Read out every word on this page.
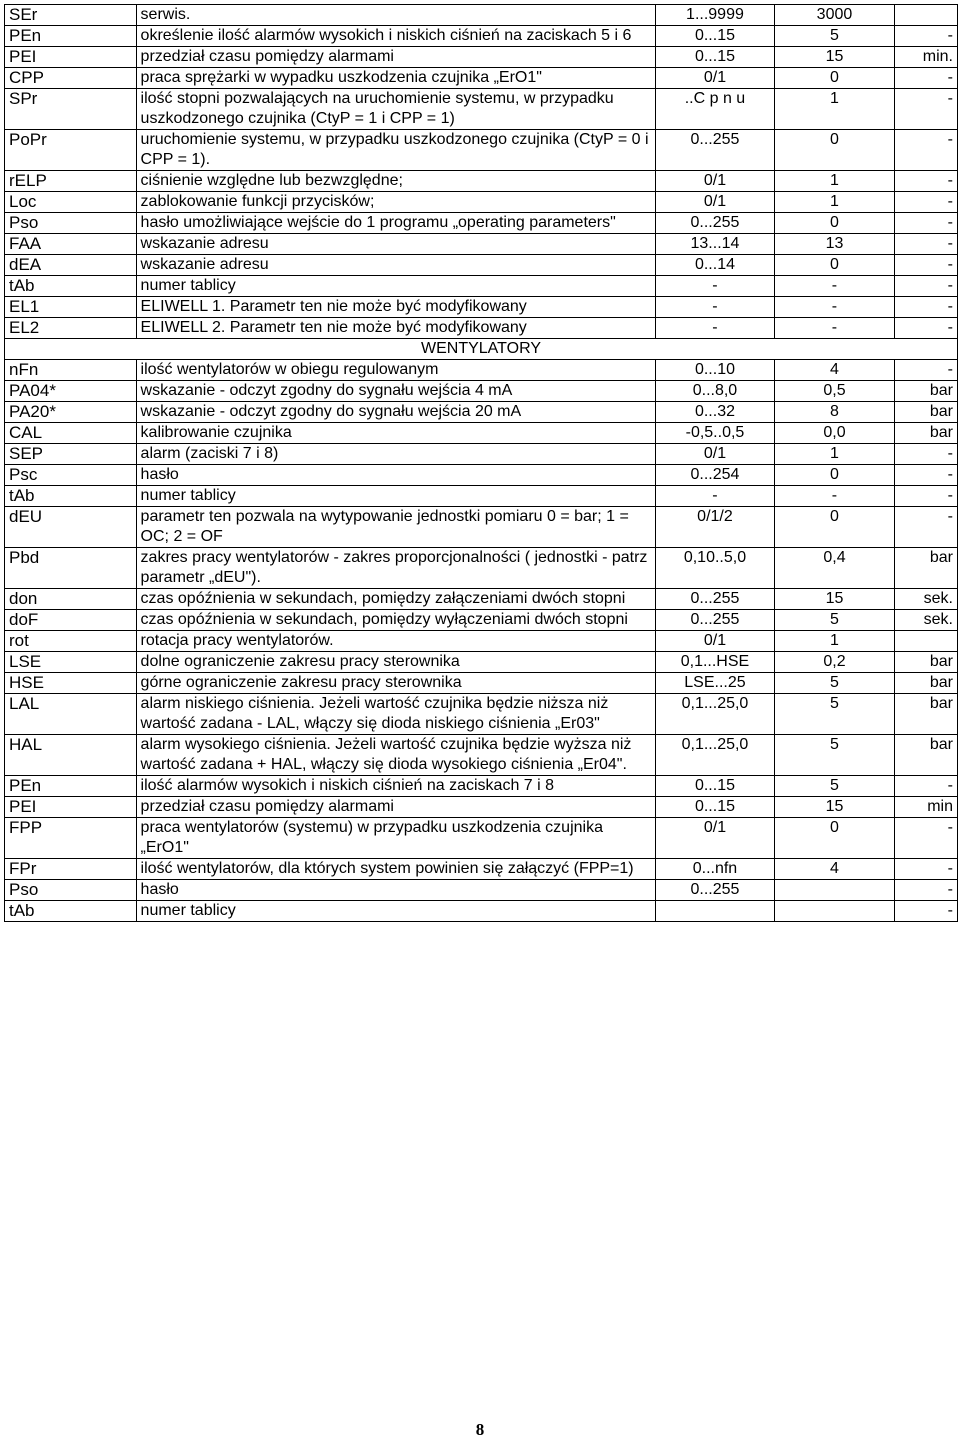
SEr	serwis.	1...9999	3000	
PEn	określenie ilość alarmów wysokich i niskich ciśnień na zaciskach 5 i 6	0...15	5	-
PEI	przedział czasu pomiędzy alarmami	0...15	15	min.
CPP	praca sprężarki w wypadku uszkodzenia czujnika „ErO1"	0/1	0	-
SPr	ilość stopni pozwalających na uruchomienie systemu, w przypadku uszkodzonego czujnika (CtyP = 1 i CPP = 1)	..C p n u	1	-
PoPr	uruchomienie systemu, w przypadku uszkodzonego czujnika (CtyP = 0 i CPP = 1).	0...255	0	-
rELP	ciśnienie względne lub bezwzględne;	0/1	1	-
Loc	zablokowanie funkcji przycisków;	0/1	1	-
Pso	hasło umożliwiające wejście do 1 programu „operating parameters"	0...255	0	-
FAA	wskazanie adresu	13...14	13	-
dEA	wskazanie adresu	0...14	0	-
tAb	numer tablicy	-	-	-
EL1	ELIWELL 1. Parametr ten nie może być modyfikowany	-	-	-
EL2	ELIWELL 2. Parametr ten nie może być modyfikowany	-	-	-
WENTYLATORY				
nFn	ilość wentylatorów w obiegu regulowanym	0...10	4	-
PA04*	wskazanie - odczyt zgodny do sygnału wejścia 4 mA	0...8,0	0,5	bar
PA20*	wskazanie - odczyt zgodny do sygnału wejścia 20 mA	0...32	8	bar
CAL	kalibrowanie czujnika	-0,5..0,5	0,0	bar
SEP	alarm (zaciski 7 i 8)	0/1	1	-
Psc	hasło	0...254	0	-
tAb	numer tablicy	-	-	-
dEU	parametr ten pozwala na wytypowanie jednostki pomiaru 0 = bar; 1 = OC; 2 = OF	0/1/2	0	-
Pbd	zakres pracy wentylatorów - zakres proporcjonalności ( jednostki - patrz parametr „dEU").	0,10..5,0	0,4	bar
don	czas opóźnienia w sekundach, pomiędzy załączeniami dwóch stopni	0...255	15	sek.
doF	czas opóźnienia w sekundach, pomiędzy wyłączeniami dwóch stopni	0...255	5	sek.
rot	rotacja pracy wentylatorów.	0/1	1	
LSE	dolne ograniczenie zakresu pracy sterownika	0,1...HSE	0,2	bar
HSE	górne ograniczenie zakresu pracy sterownika	LSE...25	5	bar
LAL	alarm niskiego ciśnienia. Jeżeli wartość czujnika będzie niższa niż wartość zadana - LAL, włączy się dioda niskiego ciśnienia „Er03"	0,1...25,0	5	bar
HAL	alarm wysokiego ciśnienia. Jeżeli wartość czujnika będzie wyższa niż wartość zadana + HAL, włączy się dioda wysokiego ciśnienia „Er04".	0,1...25,0	5	bar
PEn	ilość alarmów wysokich i niskich ciśnień na zaciskach 7 i 8	0...15	5	-
PEI	przedział czasu pomiędzy alarmami	0...15	15	min
FPP	praca wentylatorów (systemu) w przypadku uszkodzenia czujnika „ErO1"	0/1	0	-
FPr	ilość wentylatorów, dla których system powinien się załączyć (FPP=1)	0...nfn	4	-
Pso	hasło	0...255		-
tAb	numer tablicy			-
8
